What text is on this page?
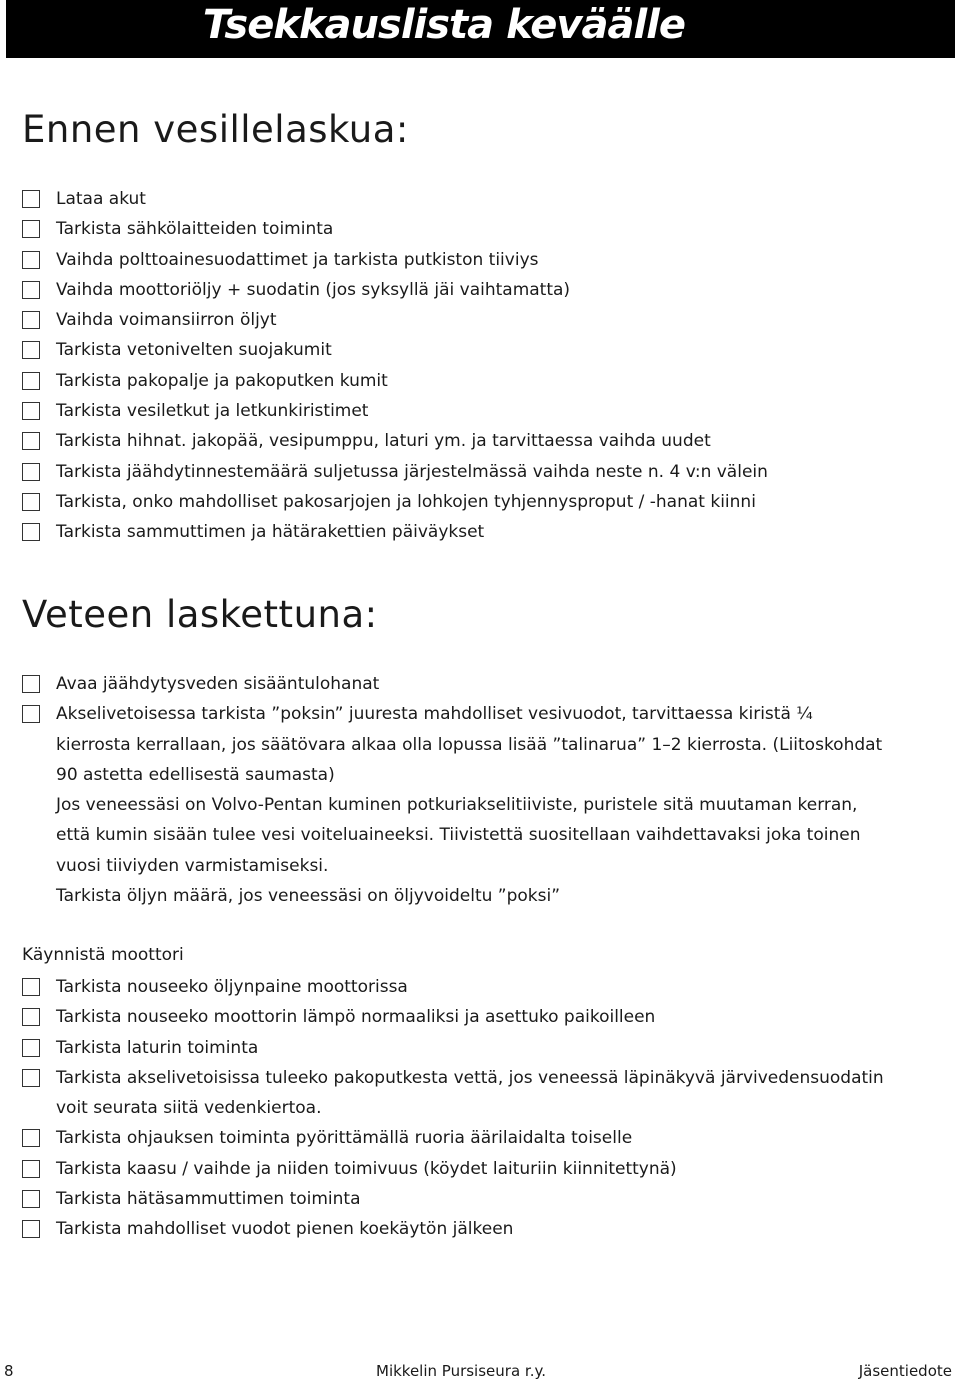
Tsekkauslista keväälle
Ennen vesillelaskua:
Lataa akut
Tarkista sähkölaitteiden toiminta
Vaihda polttoainesuodattimet ja tarkista putkiston tiiviys
Vaihda moottoriöljy + suodatin (jos syksyllä jäi vaihtamatta)
Vaihda voimansiirron öljyt
Tarkista vetonivelten suojakumit
Tarkista pakopalje ja pakoputken kumit
Tarkista vesiletkut ja letkunkiristimet
Tarkista hihnat. jakopää, vesipumppu, laturi ym. ja tarvittaessa vaihda uudet
Tarkista jäähdytinnestemäärä suljetussa järjestelmässä vaihda neste n. 4 v:n välein
Tarkista, onko mahdolliset pakosarjojen ja lohkojen tyhjennysproput / -hanat kiinni
Tarkista sammuttimen ja hätärakettien päiväykset
Veteen laskettuna:
Avaa jäähdytysveden sisääntulohanat
Akselivetoisessa tarkista ”poksin” juuresta mahdolliset vesivuodot, tarvittaessa kiristä ¼
kierrosta kerrallaan, jos säätövara alkaa olla lopussa lisää ”talinarua” 1–2 kierrosta. (Liitoskohdat
90 astetta edellisestä saumasta)
Jos veneessäsi on Volvo-Pentan kuminen potkuriakselitiiviste, puristele sitä muutaman kerran,
että kumin sisään tulee vesi voiteluaineeksi. Tiivistettä suositellaan vaihdettavaksi joka toinen
vuosi tiiviyden varmistamiseksi.
Tarkista öljyn määrä, jos veneessäsi on öljyvoideltu ”poksi”
Käynnistä moottori
Tarkista nouseeko öljynpaine moottorissa
Tarkista nouseeko moottorin lämpö normaaliksi ja asettuko paikoilleen
Tarkista laturin toiminta
Tarkista akselivetoisissa tuleeko pakoputkesta vettä, jos veneessä läpinäkyvä järvivedensuodatin
voit seurata siitä vedenkiertoa.
Tarkista ohjauksen toiminta pyörittämällä ruoria äärilaidalta toiselle
Tarkista kaasu / vaihde ja niiden toimivuus (köydet laituriin kiinnitettynä)
Tarkista hätäsammuttimen toiminta
Tarkista mahdolliset vuodot pienen koekäytön jälkeen
8	Mikkelin Pursiseura r.y.	Jäsentiedote
